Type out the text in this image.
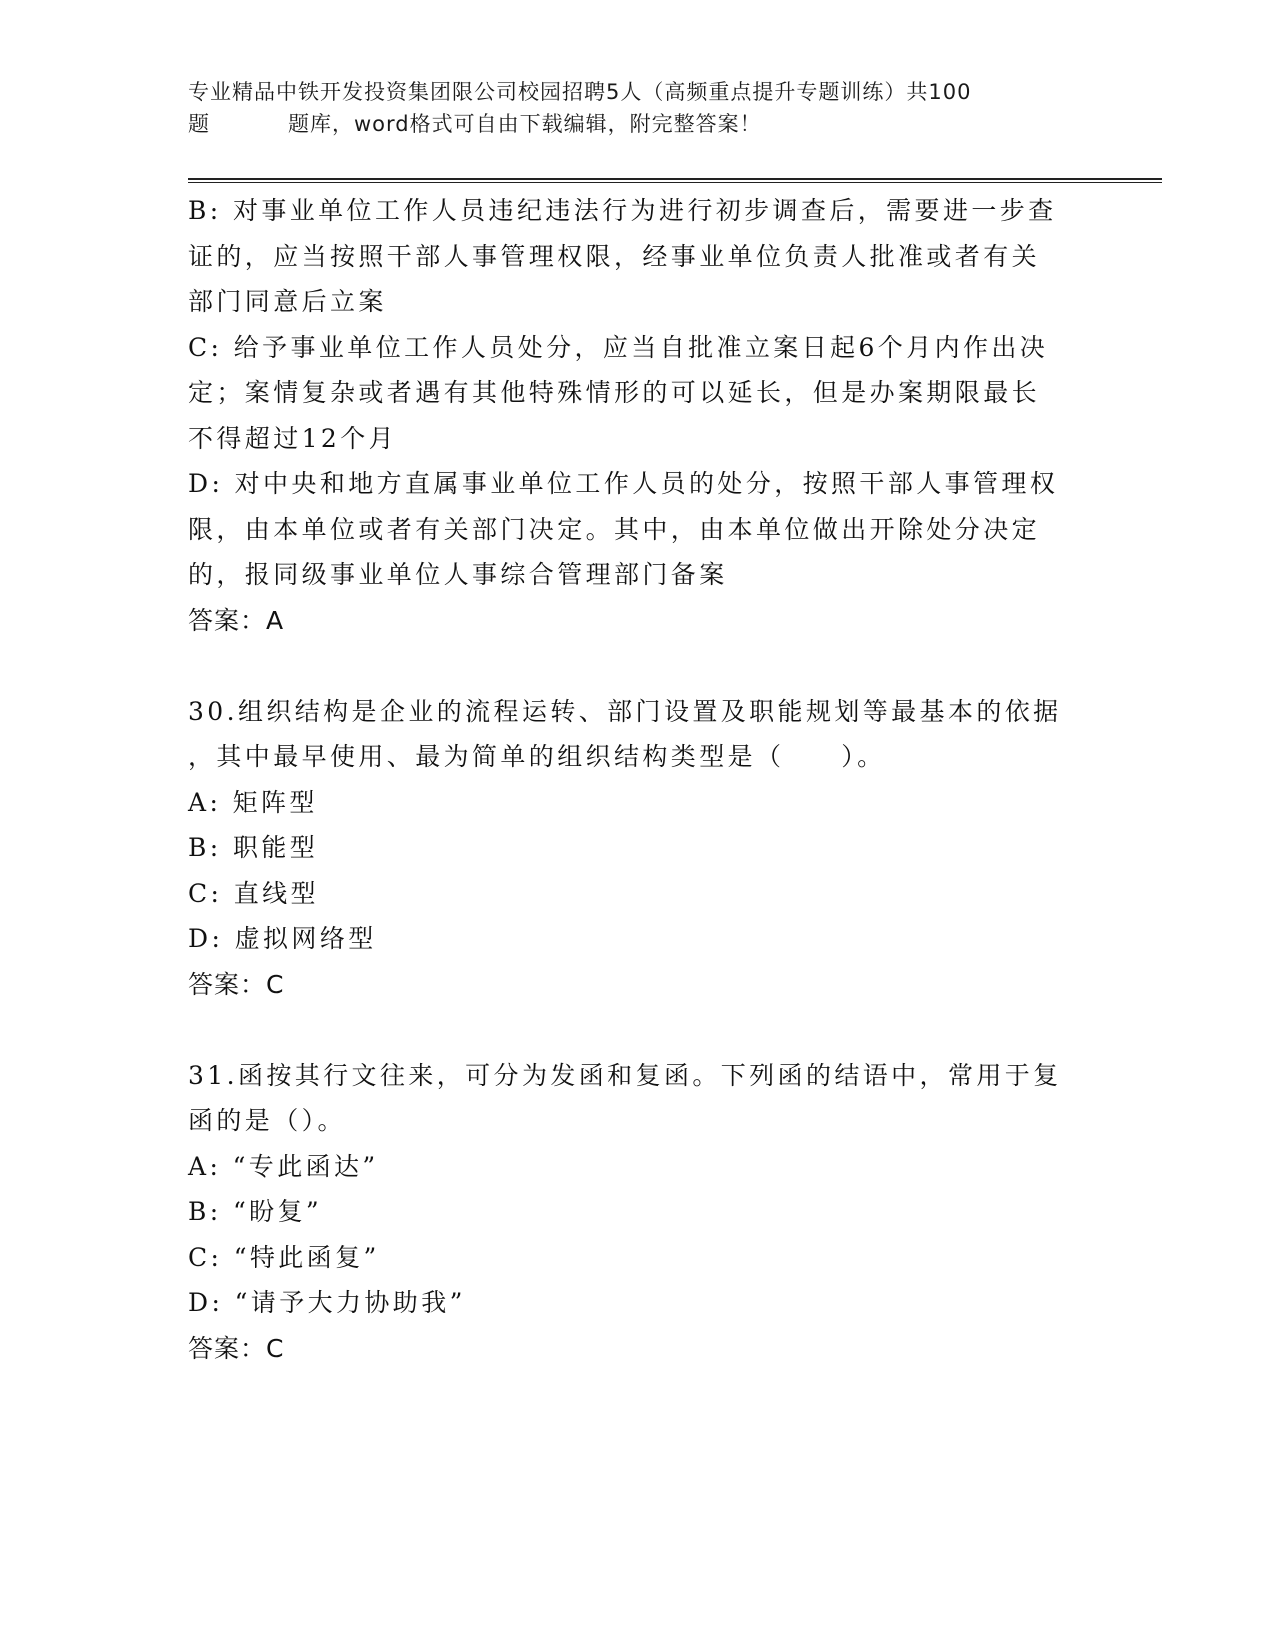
专业精品中铁开发投资集团限公司校园招聘5人（高频重点提升专题训练）共100
题	题库，word格式可自由下载编辑，附完整答案！
B: 对事业单位工作人员违纪违法行为进行初步调查后，需要进一步查
证的，应当按照干部人事管理权限，经事业单位负责人批准或者有关
部门同意后立案
C: 给予事业单位工作人员处分，应当自批准立案日起6个月内作出决
定；案情复杂或者遇有其他特殊情形的可以延长，但是办案期限最长
不得超过12个月
D: 对中央和地方直属事业单位工作人员的处分，按照干部人事管理权
限，由本单位或者有关部门决定。其中，由本单位做出开除处分决定
的，报同级事业单位人事综合管理部门备案
答案：A
30.组织结构是企业的流程运转、部门设置及职能规划等最基本的依据
，其中最早使用、最为简单的组织结构类型是（　　）。
A: 矩阵型
B: 职能型
C: 直线型
D: 虚拟网络型
答案：C
31.函按其行文往来，可分为发函和复函。下列函的结语中，常用于复
函的是（）。
A: “专此函达”
B: “盼复”
C: “特此函复”
D: “请予大力协助我”
答案：C
